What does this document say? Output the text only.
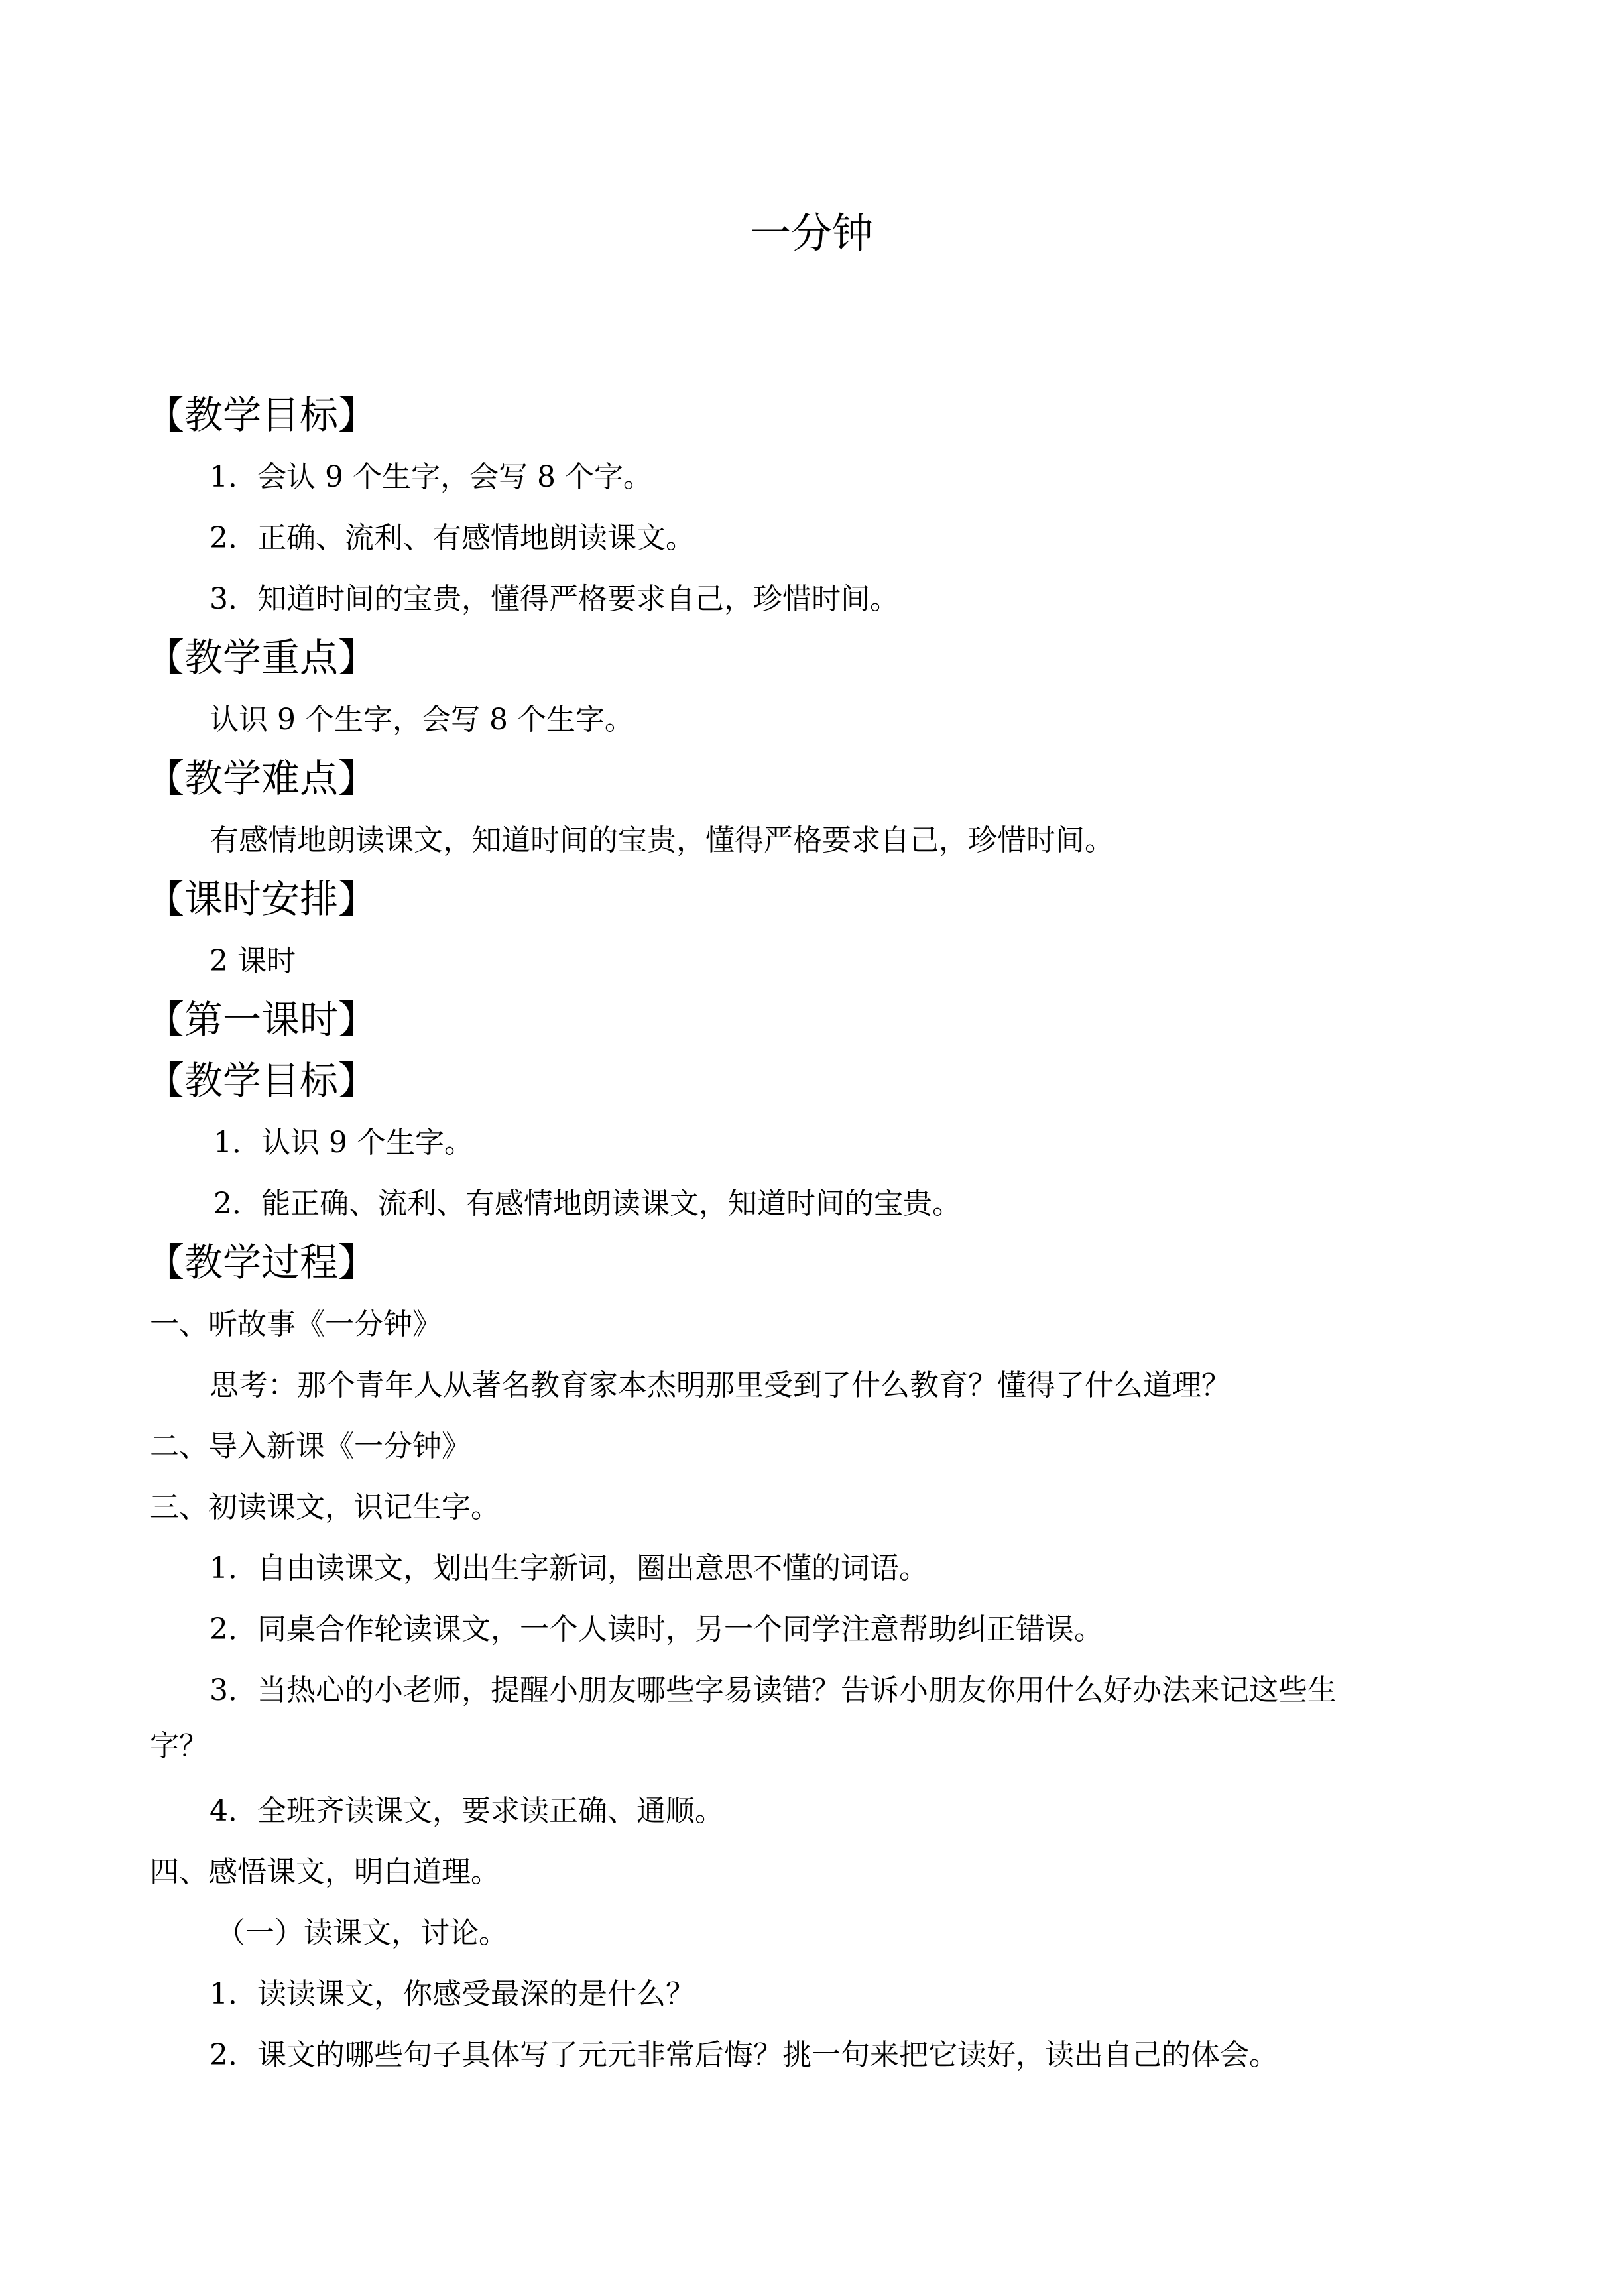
一分钟
【教学目标】
1．会认 9 个生字，会写 8 个字。
2．正确、流利、有感情地朗读课文。
3．知道时间的宝贵，懂得严格要求自己，珍惜时间。
【教学重点】
认识 9 个生字，会写 8 个生字。
【教学难点】
有感情地朗读课文，知道时间的宝贵，懂得严格要求自己，珍惜时间。
【课时安排】
2 课时
【第一课时】
【教学目标】
1．认识 9 个生字。
2．能正确、流利、有感情地朗读课文，知道时间的宝贵。
【教学过程】
一、听故事《一分钟》
思考：那个青年人从著名教育家本杰明那里受到了什么教育？懂得了什么道理？
二、导入新课《一分钟》
三、初读课文，识记生字。
1．自由读课文，划出生字新词，圈出意思不懂的词语。
2．同桌合作轮读课文，一个人读时，另一个同学注意帮助纠正错误。
3．当热心的小老师，提醒小朋友哪些字易读错？告诉小朋友你用什么好办法来记这些生
字？
4．全班齐读课文，要求读正确、通顺。
四、感悟课文，明白道理。
（一）读课文，讨论。
1．读读课文，你感受最深的是什么？
2．课文的哪些句子具体写了元元非常后悔？挑一句来把它读好，读出自己的体会。
